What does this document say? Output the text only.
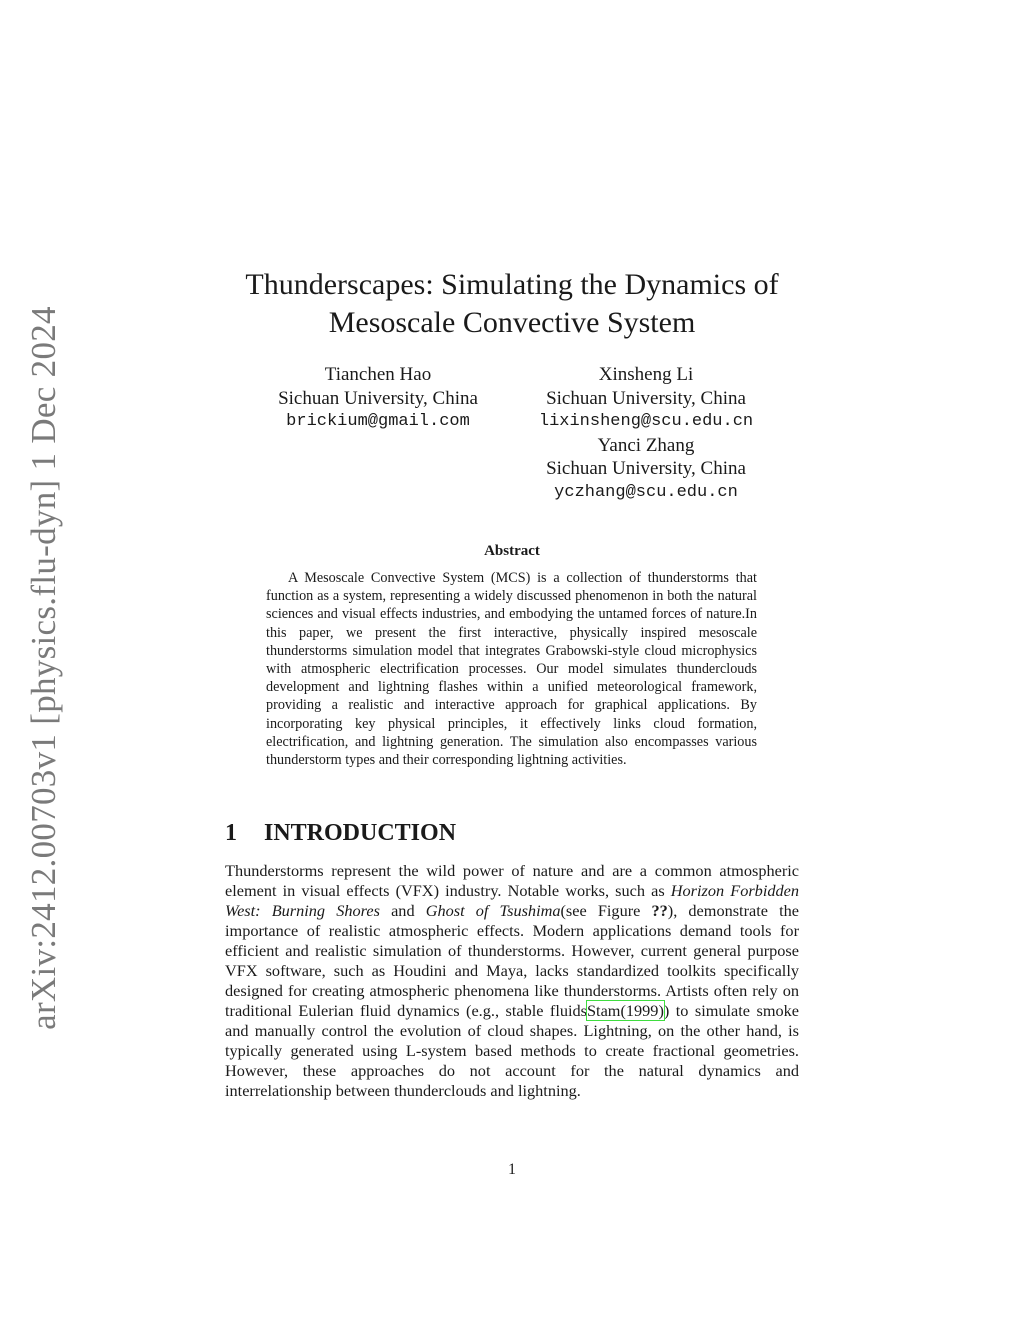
arXiv:2412.00703v1 [physics.flu-dyn] 1 Dec 2024
Thunderscapes: Simulating the Dynamics of
Mesoscale Convective System
Tianchen Hao
Sichuan University, China
brickium@gmail.com
Xinsheng Li
Sichuan University, China
lixinsheng@scu.edu.cn
Yanci Zhang
Sichuan University, China
yczhang@scu.edu.cn
Abstract
A Mesoscale Convective System (MCS) is a collection of thunderstorms that function as a system, representing a widely discussed phenomenon in both the natural sciences and visual effects industries, and embodying the untamed forces of nature.In this paper, we present the first interactive, physically inspired mesoscale thunderstorms simulation model that integrates Grabowski-style cloud microphysics with atmospheric electrification processes. Our model simulates thunderclouds development and lightning flashes within a unified meteorological framework, providing a realistic and interactive approach for graphical applications. By incorporating key physical principles, it effectively links cloud formation, electrification, and lightning generation. The simulation also encompasses various thunderstorm types and their corresponding lightning activities.
1 INTRODUCTION
Thunderstorms represent the wild power of nature and are a common atmospheric element in visual effects (VFX) industry. Notable works, such as Horizon Forbidden West: Burning Shores and Ghost of Tsushima(see Figure ??), demonstrate the importance of realistic atmospheric effects. Modern applications demand tools for efficient and realistic simulation of thunderstorms. However, current general purpose VFX software, such as Houdini and Maya, lacks standardized toolkits specifically designed for creating atmospheric phenomena like thunderstorms. Artists often rely on traditional Eulerian fluid dynamics (e.g., stable fluidsStam(1999)) to simulate smoke and manually control the evolution of cloud shapes. Lightning, on the other hand, is typically generated using L-system based methods to create fractional geometries. However, these approaches do not account for the natural dynamics and interrelationship between thunderclouds and lightning.
1
